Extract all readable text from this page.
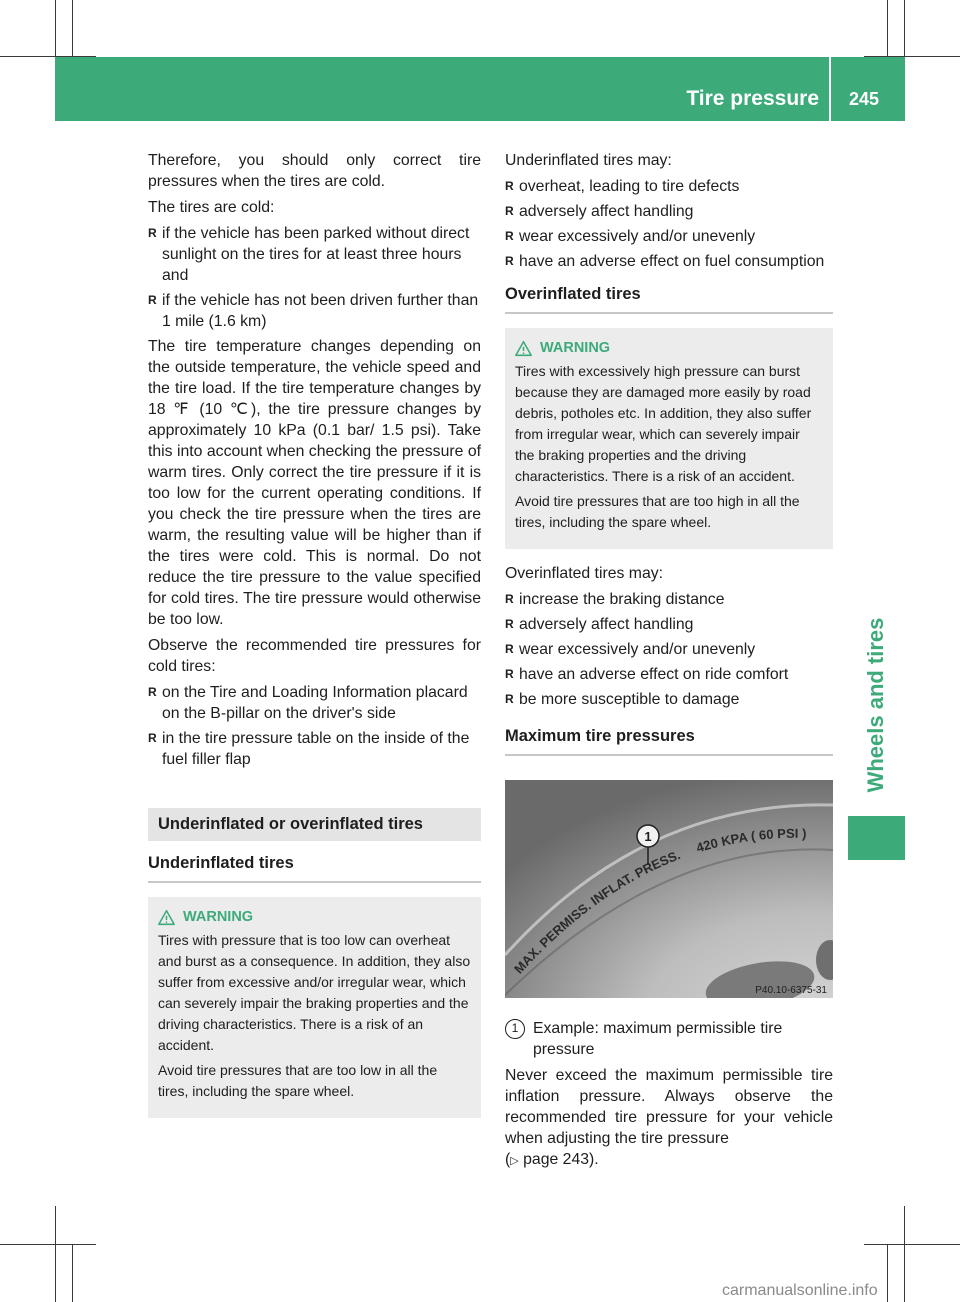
Tire pressure 245
Wheels and tires

Therefore, you should only correct tire pressures when the tires are cold.

The tires are cold:

R if the vehicle has been parked without direct sunlight on the tires for at least three hours and
R if the vehicle has not been driven further than 1 mile (1.6 km)

The tire temperature changes depending on the outside temperature, the vehicle speed and the tire load. If the tire temperature changes by 18 ℉ (10 ℃), the tire pressure changes by approximately 10 kPa (0.1 bar/ 1.5 psi). Take this into account when checking the pressure of warm tires. Only correct the tire pressure if it is too low for the current operating conditions. If you check the tire pressure when the tires are warm, the resulting value will be higher than if the tires were cold. This is normal. Do not reduce the tire pressure to the value specified for cold tires. The tire pressure would otherwise be too low.

Observe the recommended tire pressures for cold tires:

R on the Tire and Loading Information placard on the B-pillar on the driver's side
R in the tire pressure table on the inside of the fuel filler flap
Underinflated or overinflated tires
Underinflated tires
WARNING

Tires with pressure that is too low can overheat and burst as a consequence. In addition, they also suffer from excessive and/or irregular wear, which can severely impair the braking properties and the driving characteristics. There is a risk of an accident.

Avoid tire pressures that are too low in all the tires, including the spare wheel.

Underinflated tires may:

R overheat, leading to tire defects
R adversely affect handling
R wear excessively and/or unevenly
R have an adverse effect on fuel consumption
Overinflated tires
WARNING

Tires with excessively high pressure can burst because they are damaged more easily by road debris, potholes etc. In addition, they also suffer from irregular wear, which can severely impair the braking properties and the driving characteristics. There is a risk of an accident.

Avoid tire pressures that are too high in all the tires, including the spare wheel.

Overinflated tires may:

R increase the braking distance
R adversely affect handling
R wear excessively and/or unevenly
R have an adverse effect on ride comfort
R be more susceptible to damage
Maximum tire pressures
MAX. PERMISS. INFLAT. PRESS. 420 KPA ( 60 PSI )
1
P40.10-6375-31
1 Example: maximum permissible tire pressure

Never exceed the maximum permissible tire inflation pressure. Always observe the recommended tire pressure for your vehicle when adjusting the tire pressure
(▷ page 243).

carmanualsonline.info
